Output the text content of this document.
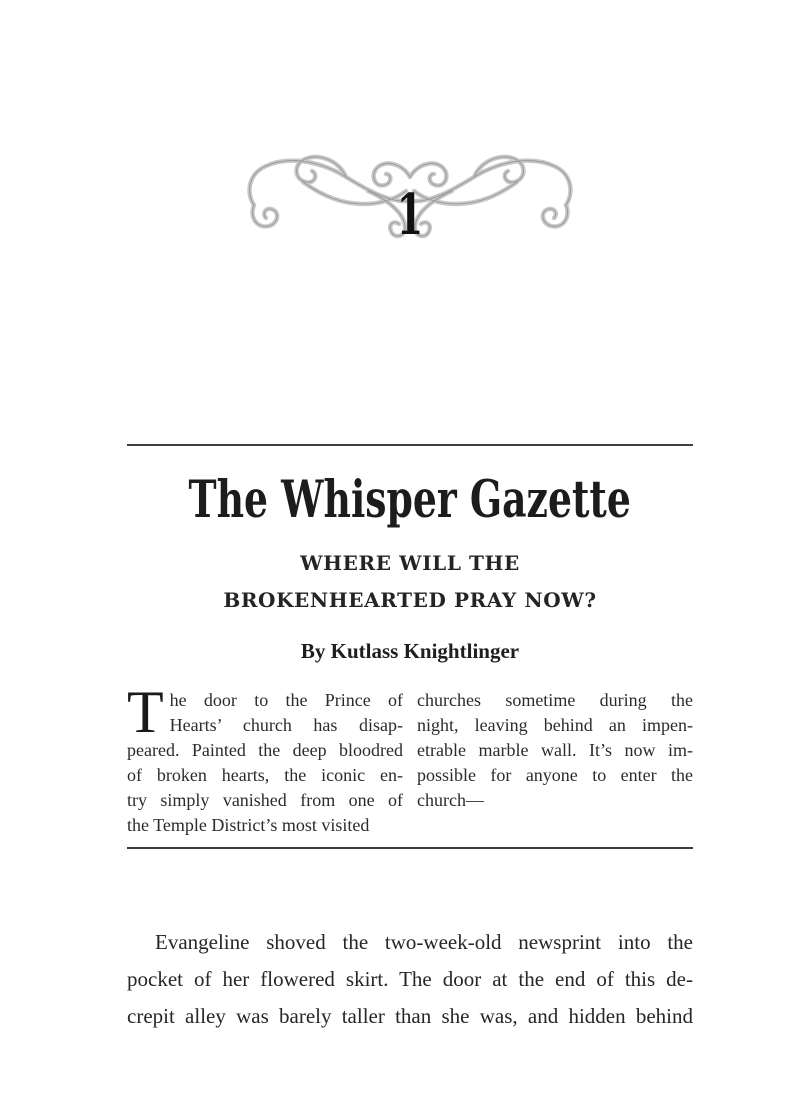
1
The Whisper Gazette
WHERE WILL THE
BROKENHEARTED PRAY NOW?
By Kutlass Knightlinger
T he door to the Prince of
Hearts’ church has disap-
peared. Painted the deep bloodred
of broken hearts, the iconic en-
try simply vanished from one of
the Temple District’s most visited
churches sometime during the
night, leaving behind an impen-
etrable marble wall. It’s now im-
possible for anyone to enter the
church—
Evangeline shoved the two-week-old newsprint into the
pocket of her flowered skirt. The door at the end of this de-
crepit alley was barely taller than she was, and hidden behind
